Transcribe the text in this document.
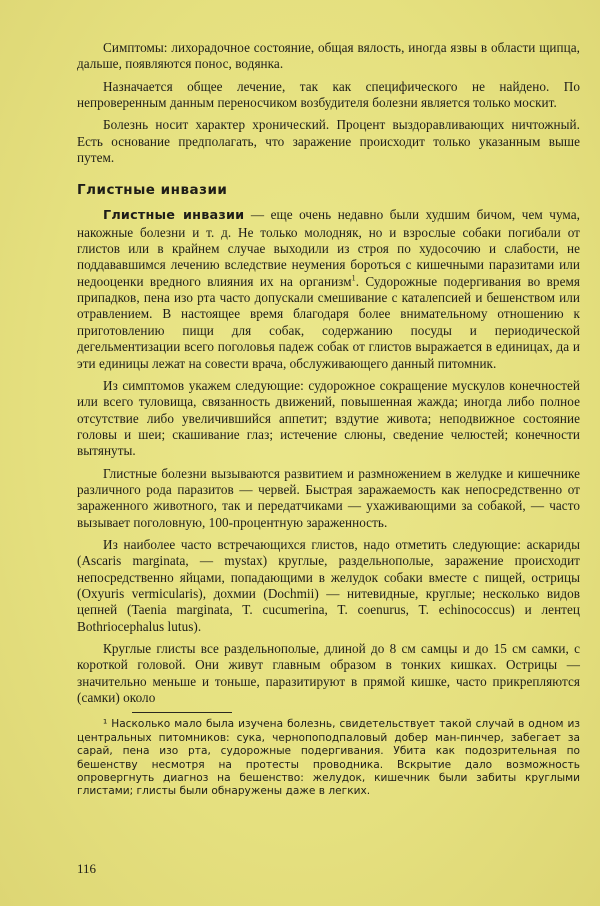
Симптомы: лихорадочное состояние, общая вялость, иногда язвы в области щипца, дальше, появляются понос, водянка.

Назначается общее лечение, так как специфического не найдено. По непроверенным данным переносчиком возбудителя болезни является только москит.

Болезнь носит характер хронический. Процент выздоравливающих ничтожный. Есть основание предполагать, что заражение происходит только указанным выше путем.

Глистные инвазии

Глистные инвазии — еще очень недавно были худшим бичом, чем чума, накожные болезни и т. д. Не только молодняк, но и взрослые собаки погибали от глистов или в крайнем случае выходили из строя по худосочию и слабости, не поддававшимся лечению вследствие неумения бороться с кишечными паразитами или недооценки вредного влияния их на организм$^1$. Судорожные подергивания во время припадков, пена изо рта часто допускали смешивание с каталепсией и бешенством или отравлением. В настоящее время благодаря более внимательному отношению к приготовлению пищи для собак, содержанию посуды и периодической дегельментизации всего поголовья падеж собак от глистов выражается в единицах, да и эти единицы лежат на совести врача, обслуживающего данный питомник.

Из симптомов укажем следующие: судорожное сокращение мускулов конечностей или всего туловища, связанность движений, повышенная жажда; иногда либо полное отсутствие либо увеличившийся аппетит; вздутие живота; неподвижное состояние головы и шеи; скашивание глаз; истечение слюны, сведение челюстей; конечности вытянуты.

Глистные болезни вызываются развитием и размножением в желудке и кишечнике различного рода паразитов — червей. Быстрая заражаемость как непосредственно от зараженного животного, так и передатчиками — ухаживающими за собакой, — часто вызывает поголовную, 100-процентную зараженность.

Из наиболее часто встречающихся глистов, надо отметить следующие: аскариды (Ascaris marginata, — mystax) круглые, раздельнополые, заражение происходит непосредственно яйцами, попадающими в желудок собаки вместе с пищей, острицы (Oxyuris vermicularis), дохмии (Dochmii) — нитевидные, круглые; несколько видов цепней (Taenia marginata, T. cucumerina, T. coenurus, T. echinococcus) и лентец Bothriocephalus lutus).

Круглые глисты все раздельнополые, длиной до 8 см самцы и до 15 см самки, с короткой головой. Они живут главным образом в тонких кишках. Острицы — значительно меньше и тоньше, паразитируют в прямой кишке, часто прикрепляются (самки) около

¹ Насколько мало была изучена болезнь, свидетельствует такой случай в одном из центральных питомников: сука, чернопоподпаловый добер ман-пинчер, забегает за сарай, пена изо рта, судорожные подергивания. Убита как подозрительная по бешенству несмотря на протесты проводника. Вскрытие дало возможность опровергнуть диагноз на бешенство: желудок, кишечник были забиты круглыми глистами; глисты были обнаружены даже в легких.

116
